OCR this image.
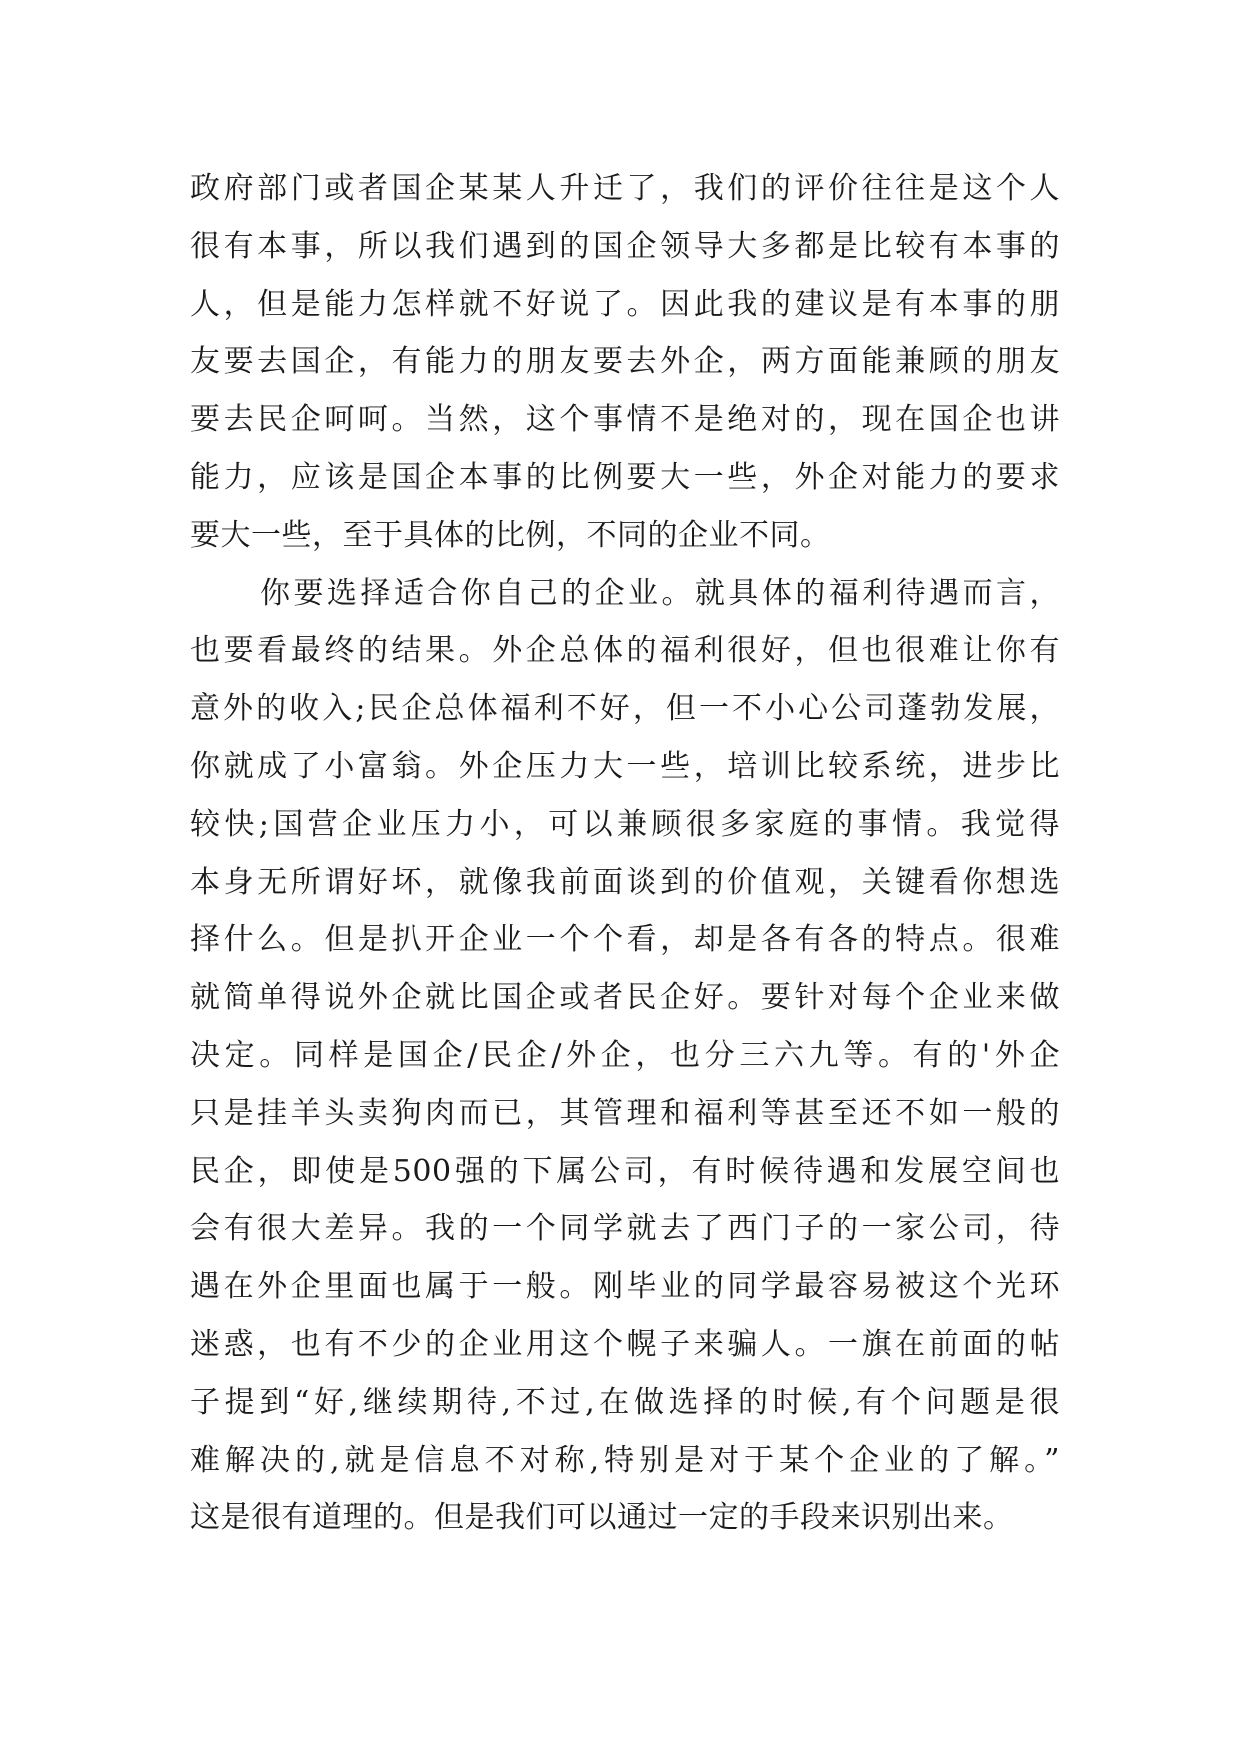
政府部门或者国企某某人升迁了，我们的评价往往是这个人
很有本事，所以我们遇到的国企领导大多都是比较有本事的
人，但是能力怎样就不好说了。因此我的建议是有本事的朋
友要去国企，有能力的朋友要去外企，两方面能兼顾的朋友
要去民企呵呵。当然，这个事情不是绝对的，现在国企也讲
能力，应该是国企本事的比例要大一些，外企对能力的要求
要大一些，至于具体的比例，不同的企业不同。
你要选择适合你自己的企业。就具体的福利待遇而言，
也要看最终的结果。外企总体的福利很好，但也很难让你有
意外的收入;民企总体福利不好，但一不小心公司蓬勃发展，
你就成了小富翁。外企压力大一些，培训比较系统，进步比
较快;国营企业压力小，可以兼顾很多家庭的事情。我觉得
本身无所谓好坏，就像我前面谈到的价值观，关键看你想选
择什么。但是扒开企业一个个看，却是各有各的特点。很难
就简单得说外企就比国企或者民企好。要针对每个企业来做
决定。同样是国企/民企/外企，也分三六九等。有的'外企
只是挂羊头卖狗肉而已，其管理和福利等甚至还不如一般的
民企，即使是500强的下属公司，有时候待遇和发展空间也
会有很大差异。我的一个同学就去了西门子的一家公司，待
遇在外企里面也属于一般。刚毕业的同学最容易被这个光环
迷惑，也有不少的企业用这个幌子来骗人。一旗在前面的帖
子提到“好,继续期待,不过,在做选择的时候,有个问题是很
难解决的,就是信息不对称,特别是对于某个企业的了解。”
这是很有道理的。但是我们可以通过一定的手段来识别出来。
